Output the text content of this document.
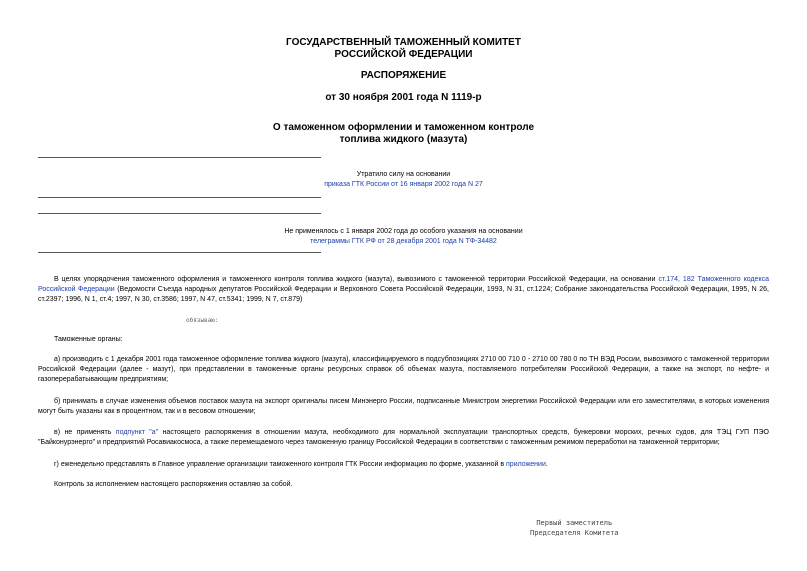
ГОСУДАРСТВЕННЫЙ ТАМОЖЕННЫЙ КОМИТЕТ
РОССИЙСКОЙ ФЕДЕРАЦИИ
РАСПОРЯЖЕНИЕ
от 30 ноября 2001 года N 1119-р
О таможенном оформлении и таможенном контроле
топлива жидкого (мазута)
Утратило силу на основании
приказа ГТК России от 16 января 2002 года N 27
Не применялось с 1 января 2002 года до особого указания на основании
телеграммы ГТК РФ от 28 декабря 2001 года N ТФ-34482

В целях упорядочения таможенного оформления и таможенного контроля топлива жидкого (мазута), вывозимого с таможенной территории Российской Федерации, на основании ст.174, 182 Таможенного кодекса Российской Федерации (Ведомости Съезда народных депутатов Российской Федерации и Верховного Совета Российской Федерации, 1993, N 31, ст.1224; Собрание законодательства Российской Федерации, 1995, N 26, ст.2397; 1996, N 1, ст.4; 1997, N 30, ст.3586; 1997, N 47, ст.5341; 1999, N 7, ст.879)

обязываю:

Таможенные органы:

а) производить с 1 декабря 2001 года таможенное оформление топлива жидкого (мазута), классифицируемого в подсубпозициях 2710 00 710 0 - 2710 00 780 0 по ТН ВЭД России, вывозимого с таможенной территории Российской Федерации (далее - мазут), при представлении в таможенные органы ресурсных справок об объемах мазута, поставляемого потребителям Российской Федерации, а также на экспорт, по нефте- и газоперерабатывающим предприятиям;

б) принимать в случае изменения объемов поставок мазута на экспорт оригиналы писем Минэнерго России, подписанные Министром энергетики Российской Федерации или его заместителями, в которых изменения могут быть указаны как в процентном, так и в весовом отношении;

в) не применять подпункт "а" настоящего распоряжения в отношении мазута, необходимого для нормальной эксплуатации транспортных средств, бункеровки морских, речных судов, для ТЭЦ ГУП ПЭО "Байконурэнерго" и предприятий Росавиакосмоса, а также перемещаемого через таможенную границу Российской Федерации в соответствии с таможенным режимом переработки на таможенной территории;

г) еженедельно представлять в Главное управление организации таможенного контроля ГТК России информацию по форме, указанной в приложении.

Контроль за исполнением настоящего распоряжения оставляю за собой.

Первый заместитель
Председателя Комитета
